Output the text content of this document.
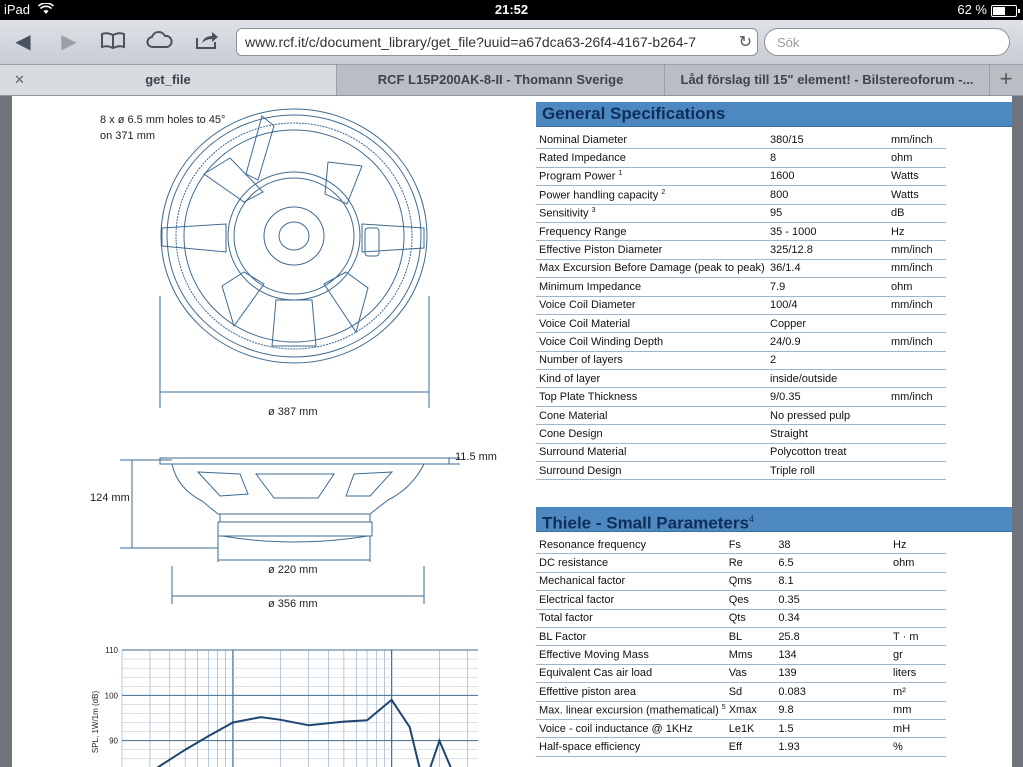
iPad	21:52	62 %
◀ ▶	www.rcf.it/c/document_library/get_file?uuid=a67dca63-26f4-4167-b264-7	↻	Sök
✕	get_file	RCF L15P200AK-8-II - Thomann Sverige	Låd förslag till 15" element! - Bilstereoforum -...	+
8 x ø 6.5 mm holes to 45°
on 371 mm
ø 387 mm
11.5 mm
124 mm
ø 220 mm
ø 356 mm
110
100
90
SPL, 1W/1m (dB)
General Specifications
Nominal Diameter	380/15	mm/inch
Rated Impedance	8	ohm
Program Power $^1$	1600	Watts
Power handling capacity $^2$	800	Watts
Sensitivity $^3$	95	dB
Frequency Range	35 - 1000	Hz
Effective Piston Diameter	325/12.8	mm/inch
Max Excursion Before Damage (peak to peak)	36/1.4	mm/inch
Minimum Impedance	7.9	ohm
Voice Coil Diameter	100/4	mm/inch
Voice Coil Material	Copper	
Voice Coil Winding Depth	24/0.9	mm/inch
Number of layers	2	
Kind of layer	inside/outside	
Top Plate Thickness	9/0.35	mm/inch
Cone Material	No pressed pulp	
Cone Design	Straight	
Surround Material	Polycotton treat	
Surround Design	Triple roll	
Thiele - Small Parameters$^4$
Resonance frequency	Fs	38	Hz
DC resistance	Re	6.5	ohm
Mechanical factor	Qms	8.1	
Electrical factor	Qes	0.35	
Total factor	Qts	0.34	
BL Factor	BL	25.8	T · m
Effective Moving Mass	Mms	134	gr
Equivalent Cas air load	Vas	139	liters
Effettive piston area	Sd	0.083	m²
Max. linear excursion (mathematical) $^5$	Xmax	9.8	mm
Voice - coil inductance @ 1KHz	Le1K	1.5	mH
Half-space efficiency	Eff	1.93	%
